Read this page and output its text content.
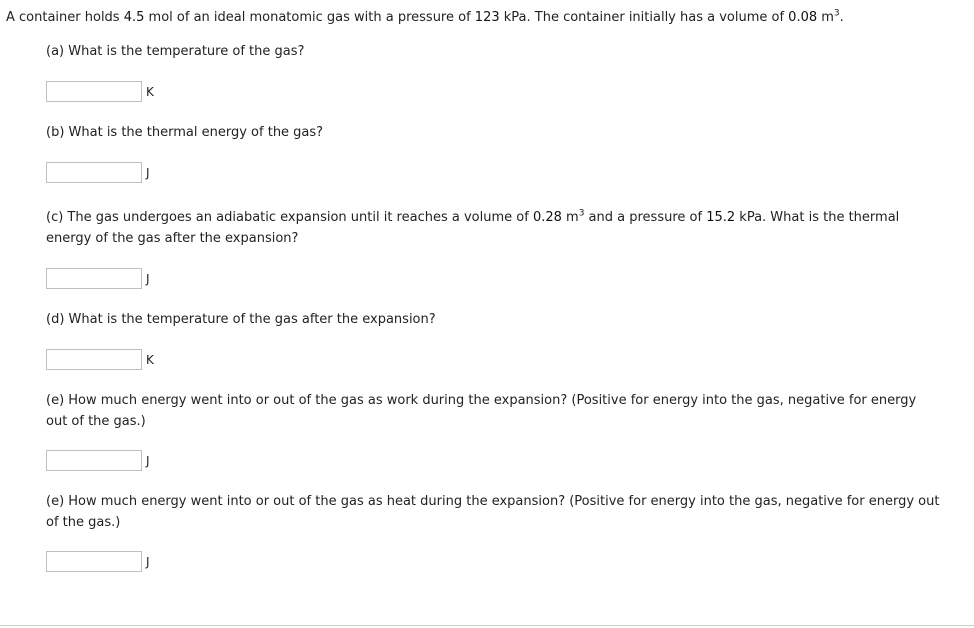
A container holds 4.5 mol of an ideal monatomic gas with a pressure of 123 kPa. The container initially has a volume of 0.08 $m^3$.
(a) What is the temperature of the gas?
K
(b) What is the thermal energy of the gas?
J
(c) The gas undergoes an adiabatic expansion until it reaches a volume of 0.28 $m^3$ and a pressure of 15.2 kPa. What is the thermal energy of the gas after the expansion?
J
(d) What is the temperature of the gas after the expansion?
K
(e) How much energy went into or out of the gas as work during the expansion? (Positive for energy into the gas, negative for energy out of the gas.)
J
(e) How much energy went into or out of the gas as heat during the expansion? (Positive for energy into the gas, negative for energy out of the gas.)
J
